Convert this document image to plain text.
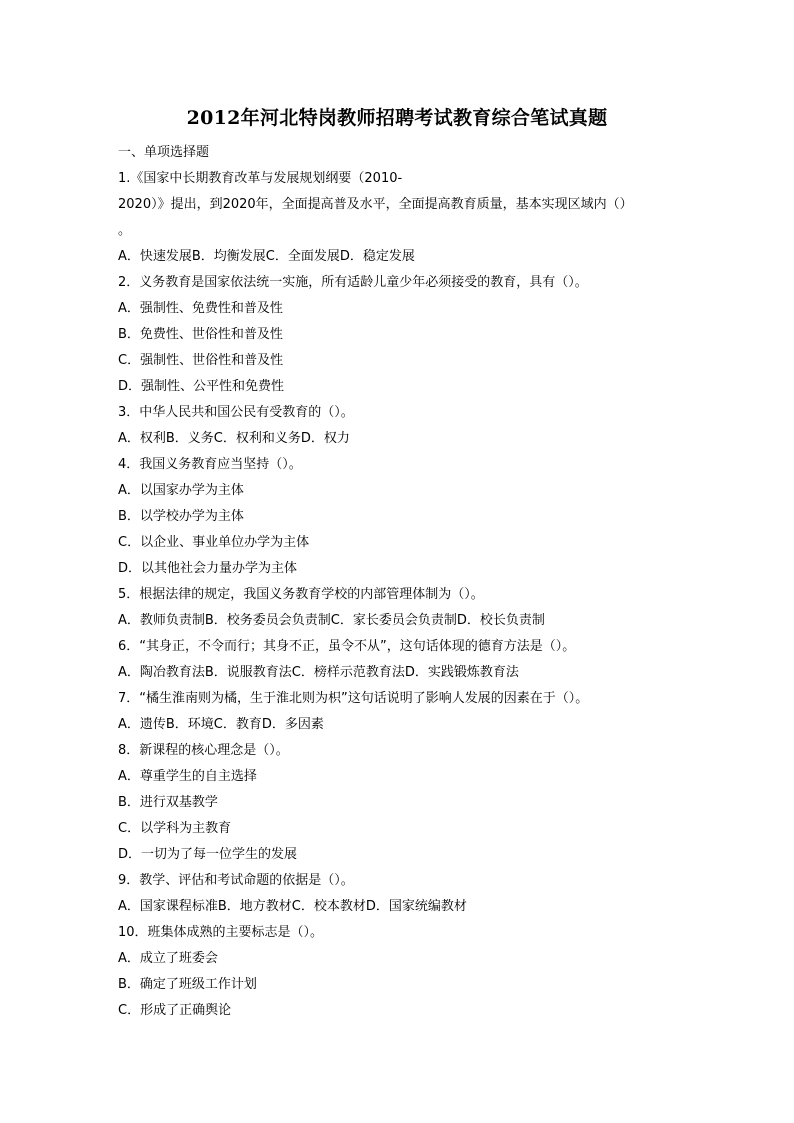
2012年河北特岗教师招聘考试教育综合笔试真题
一、单项选择题
1.《国家中长期教育改革与发展规划纲要（2010-
2020）》提出，到2020年，全面提高普及水平，全面提高教育质量，基本实现区域内（）
。
A．快速发展B．均衡发展C．全面发展D．稳定发展
2．义务教育是国家依法统一实施，所有适龄儿童少年必须接受的教育，具有（）。
A．强制性、免费性和普及性
B．免费性、世俗性和普及性
C．强制性、世俗性和普及性
D．强制性、公平性和免费性
3．中华人民共和国公民有受教育的（）。
A．权利B．义务C．权利和义务D．权力
4．我国义务教育应当坚持（）。
A．以国家办学为主体
B．以学校办学为主体
C．以企业、事业单位办学为主体
D．以其他社会力量办学为主体
5．根据法律的规定，我国义务教育学校的内部管理体制为（）。
A．教师负责制B．校务委员会负责制C．家长委员会负责制D．校长负责制
6．“其身正，不令而行；其身不正，虽令不从”，这句话体现的德育方法是（）。
A．陶冶教育法B．说服教育法C．榜样示范教育法D．实践锻炼教育法
7．“橘生淮南则为橘，生于淮北则为枳”这句话说明了影响人发展的因素在于（）。
A．遗传B．环境C．教育D．多因素
8．新课程的核心理念是（）。
A．尊重学生的自主选择
B．进行双基教学
C．以学科为主教育
D．一切为了每一位学生的发展
9．教学、评估和考试命题的依据是（）。
A．国家课程标准B．地方教材C．校本教材D．国家统编教材
10．班集体成熟的主要标志是（）。
A．成立了班委会
B．确定了班级工作计划
C．形成了正确舆论
